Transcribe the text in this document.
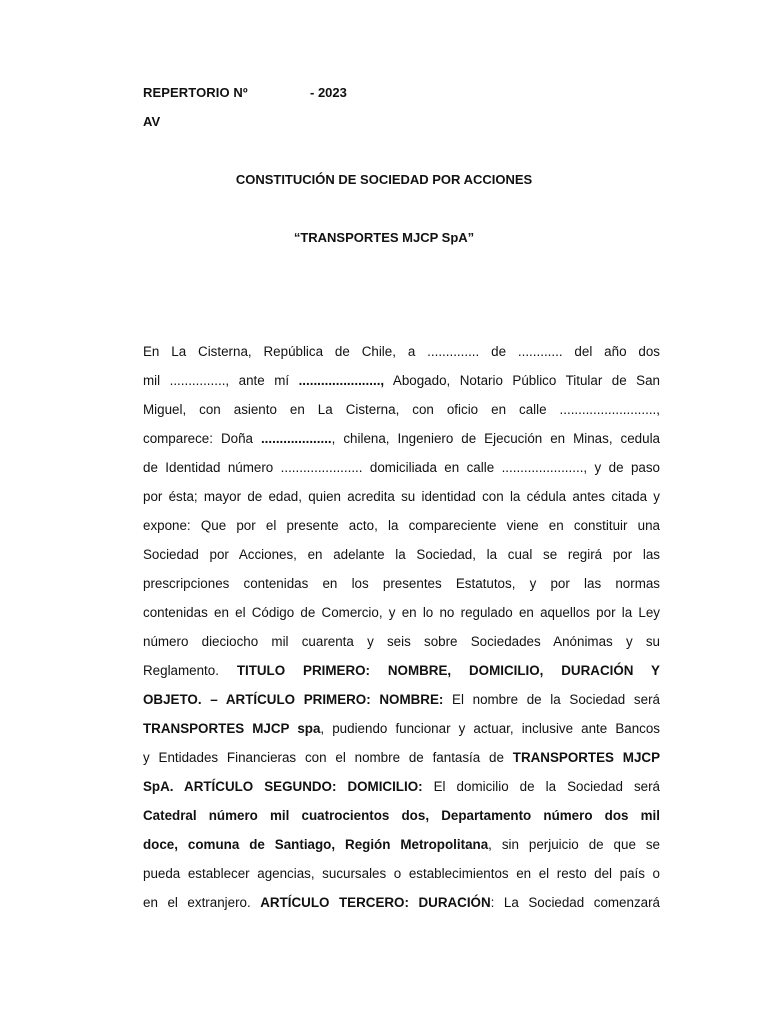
REPERTORIO Nº	- 2023
AV
CONSTITUCIÓN DE SOCIEDAD POR ACCIONES
“TRANSPORTES MJCP SpA”
En La Cisterna, República de Chile, a .............. de ............ del año dos
mil ..............., ante mí ......................, Abogado, Notario Público Titular de San
Miguel, con asiento en La Cisterna, con oficio en calle ..........................,
comparece: Doña ..................., chilena, Ingeniero de Ejecución en Minas, cedula
de Identidad número ...................... domiciliada en calle ......................, y de paso
por ésta; mayor de edad, quien acredita su identidad con la cédula antes citada y
expone: Que por el presente acto, la compareciente viene en constituir una
Sociedad por Acciones, en adelante la Sociedad, la cual se regirá por las
prescripciones contenidas en los presentes Estatutos, y por las normas
contenidas en el Código de Comercio, y en lo no regulado en aquellos por la Ley
número dieciocho mil cuarenta y seis sobre Sociedades Anónimas y su
Reglamento. TITULO PRIMERO: NOMBRE, DOMICILIO, DURACIÓN Y
OBJETO. – ARTÍCULO PRIMERO: NOMBRE: El nombre de la Sociedad será
TRANSPORTES MJCP spa, pudiendo funcionar y actuar, inclusive ante Bancos
y Entidades Financieras con el nombre de fantasía de TRANSPORTES MJCP
SpA. ARTÍCULO SEGUNDO: DOMICILIO: El domicilio de la Sociedad será
Catedral número mil cuatrocientos dos, Departamento número dos mil
doce, comuna de Santiago, Región Metropolitana, sin perjuicio de que se
pueda establecer agencias, sucursales o establecimientos en el resto del país o
en el extranjero. ARTÍCULO TERCERO: DURACIÓN: La Sociedad comenzará
